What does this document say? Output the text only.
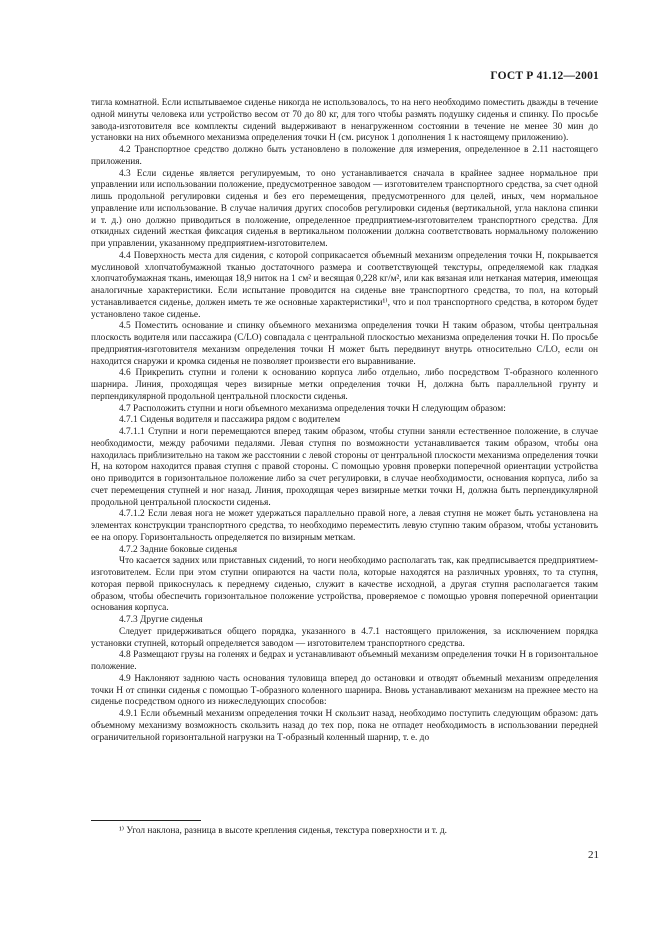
ГОСТ Р 41.12—2001

тигла комнатной. Если испытываемое сиденье никогда не использовалось, то на него необходимо поместить дважды в течение одной минуты человека или устройство весом от 70 до 80 кг, для того чтобы размять подушку сиденья и спинку. По просьбе завода-изготовителя все комплекты сидений выдерживают в ненагруженном состоянии в течение не менее 30 мин до установки на них объемного механизма определения точки Н (см. рисунок 1 дополнения 1 к настоящему приложению).

4.2 Транспортное средство должно быть установлено в положение для измерения, определенное в 2.11 настоящего приложения.

4.3 Если сиденье является регулируемым, то оно устанавливается сначала в крайнее заднее нормальное при управлении или использовании положение, предусмотренное заводом — изготовителем транспортного средства, за счет одной лишь продольной регулировки сиденья и без его перемещения, предусмотренного для целей, иных, чем нормальное управление или использование. В случае наличия других способов регулировки сиденья (вертикальной, угла наклона спинки и т. д.) оно должно приводиться в положение, определенное предприятием-изготовителем транспортного средства. Для откидных сидений жесткая фиксация сиденья в вертикальном положении должна соответствовать нормальному положению при управлении, указанному предприятием-изготовителем.

4.4 Поверхность места для сидения, с которой соприкасается объемный механизм определения точки Н, покрывается муслиновой хлопчатобумажной тканью достаточного размера и соответствующей текстуры, определяемой как гладкая хлопчатобумажная ткань, имеющая 18,9 ниток на 1 см² и весящая 0,228 кг/м², или как вязаная или нетканая материя, имеющая аналогичные характеристики. Если испытание проводится на сиденье вне транспортного средства, то пол, на который устанавливается сиденье, должен иметь те же основные характеристики¹⁾, что и пол транспортного средства, в котором будет установлено такое сиденье.

4.5 Поместить основание и спинку объемного механизма определения точки Н таким образом, чтобы центральная плоскость водителя или пассажира (C/LO) совпадала с центральной плоскостью механизма определения точки Н. По просьбе предприятия-изготовителя механизм определения точки Н может быть передвинут внутрь относительно C/LO, если он находится снаружи и кромка сиденья не позволяет произвести его выравнивание.

4.6 Прикрепить ступни и голени к основанию корпуса либо отдельно, либо посредством Т-образного коленного шарнира. Линия, проходящая через визирные метки определения точки Н, должна быть параллельной грунту и перпендикулярной продольной центральной плоскости сиденья.

4.7 Расположить ступни и ноги объемного механизма определения точки Н следующим образом:

4.7.1 Сиденья водителя и пассажира рядом с водителем

4.7.1.1 Ступни и ноги перемещаются вперед таким образом, чтобы ступни заняли естественное положение, в случае необходимости, между рабочими педалями. Левая ступня по возможности устанавливается таким образом, чтобы она находилась приблизительно на таком же расстоянии с левой стороны от центральной плоскости механизма определения точки Н, на котором находится правая ступня с правой стороны. С помощью уровня проверки поперечной ориентации устройства оно приводится в горизонтальное положение либо за счет регулировки, в случае необходимости, основания корпуса, либо за счет перемещения ступней и ног назад. Линия, проходящая через визирные метки точки Н, должна быть перпендикулярной продольной центральной плоскости сиденья.

4.7.1.2 Если левая нога не может удержаться параллельно правой ноге, а левая ступня не может быть установлена на элементах конструкции транспортного средства, то необходимо переместить левую ступню таким образом, чтобы установить ее на опору. Горизонтальность определяется по визирным меткам.

4.7.2 Задние боковые сиденья

Что касается задних или приставных сидений, то ноги необходимо располагать так, как предписывается предприятием-изготовителем. Если при этом ступни опираются на части пола, которые находятся на различных уровнях, то та ступня, которая первой прикоснулась к переднему сиденью, служит в качестве исходной, а другая ступня располагается таким образом, чтобы обеспечить горизонтальное положение устройства, проверяемое с помощью уровня поперечной ориентации основания корпуса.

4.7.3 Другие сиденья

Следует придерживаться общего порядка, указанного в 4.7.1 настоящего приложения, за исключением порядка установки ступней, который определяется заводом — изготовителем транспортного средства.

4.8 Размещают грузы на голенях и бедрах и устанавливают объемный механизм определения точки Н в горизонтальное положение.

4.9 Наклоняют заднюю часть основания туловища вперед до остановки и отводят объемный механизм определения точки Н от спинки сиденья с помощью Т-образного коленного шарнира. Вновь устанавливают механизм на прежнее место на сиденье посредством одного из нижеследующих способов:

4.9.1 Если объемный механизм определения точки Н скользит назад, необходимо поступить следующим образом: дать объемному механизму возможность скользить назад до тех пор, пока не отпадет необходимость в использовании передней ограничительной горизонтальной нагрузки на Т-образный коленный шарнир, т. е. до

¹⁾ Угол наклона, разница в высоте крепления сиденья, текстура поверхности и т. д.
21
